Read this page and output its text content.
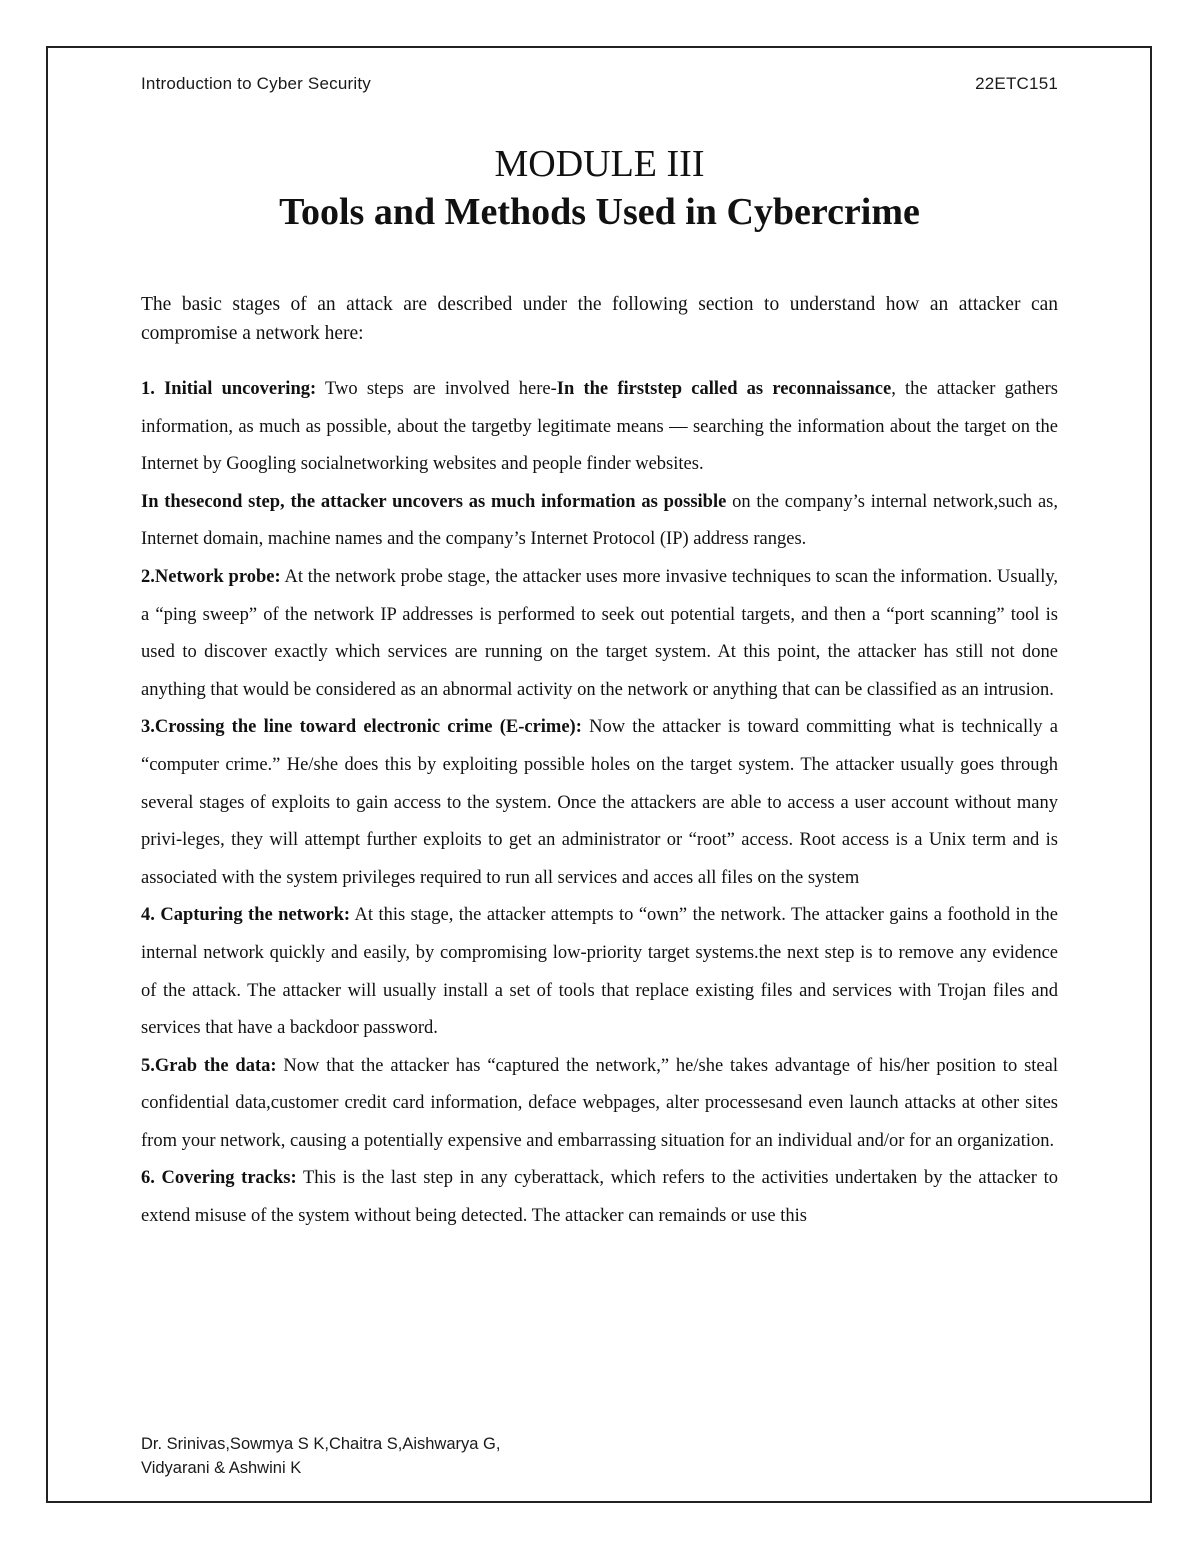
Introduction to Cyber Security	22ETC151
MODULE III
Tools and Methods Used in Cybercrime

The basic stages of an attack are described under the following section to understand how an attacker can compromise a network here:

1. Initial uncovering: Two steps are involved here-In the firststep called as reconnaissance, the attacker gathers information, as much as possible, about the targetby legitimate means — searching the information about the target on the Internet by Googling socialnetworking websites and people finder websites.

In thesecond step, the attacker uncovers as much information as possible on the company’s internal network,such as, Internet domain, machine names and the company’s Internet Protocol (IP) address ranges.

2.Network probe: At the network probe stage, the attacker uses more invasive techniques to scan the information. Usually, a “ping sweep” of the network IP addresses is performed to seek out potential targets, and then a “port scanning” tool is used to discover exactly which services are running on the target system. At this point, the attacker has still not done anything that would be considered as an abnormal activity on the network or anything that can be classified as an intrusion.

3.Crossing the line toward electronic crime (E-crime): Now the attacker is toward committing what is technically a “computer crime.” He/she does this by exploiting possible holes on the target system. The attacker usually goes through several stages of exploits to gain access to the system. Once the attackers are able to access a user account without many privi-leges, they will attempt further exploits to get an administrator or “root” access. Root access is a Unix term and is associated with the system privileges required to run all services and acces all files on the system

4. Capturing the network: At this stage, the attacker attempts to “own” the network. The attacker gains a foothold in the internal network quickly and easily, by compromising low-priority target systems.the next step is to remove any evidence of the attack. The attacker will usually install a set of tools that replace existing files and services with Trojan files and services that have a backdoor password.

5.Grab the data: Now that the attacker has “captured the network,” he/she takes advantage of his/her position to steal confidential data,customer credit card information, deface webpages, alter processesand even launch attacks at other sites from your network, causing a potentially expensive and embarrassing situation for an individual and/or for an organization.

6. Covering tracks: This is the last step in any cyberattack, which refers to the activities undertaken by the attacker to extend misuse of the system without being detected. The attacker can remainds or use this

Dr. Srinivas,Sowmya S K,Chaitra S,Aishwarya G,
Vidyarani & Ashwini K
